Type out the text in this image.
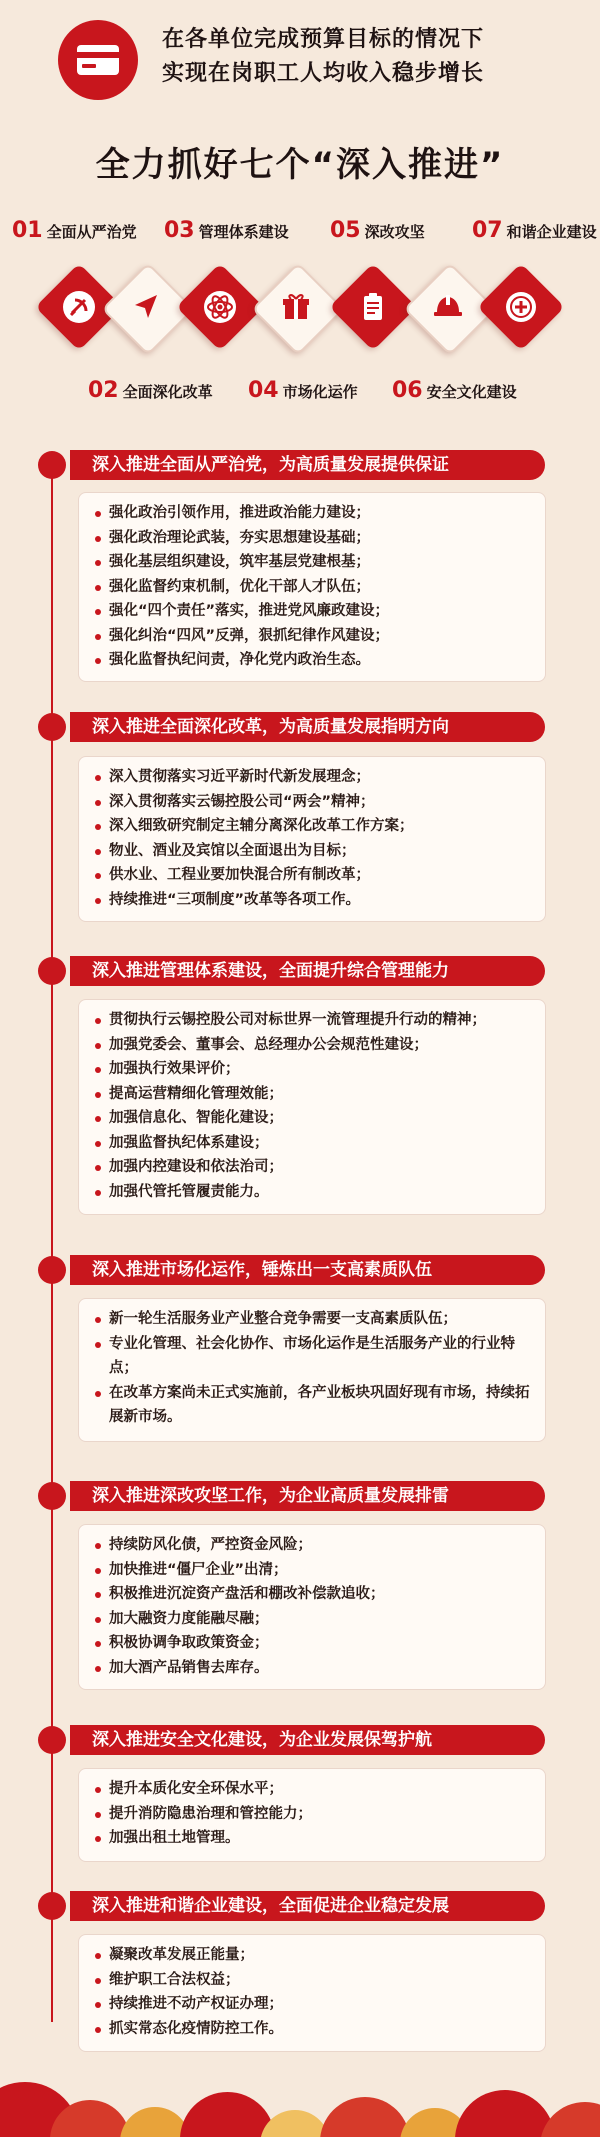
在各单位完成预算目标的情况下
实现在岗职工人均收入稳步增长
全力抓好七个“深入推进”
01 全面从严治党 03 管理体系建设 05 深改攻坚 07 和谐企业建设
02 全面深化改革 04 市场化运作 06 安全文化建设
深入推进全面从严治党，为高质量发展提供保证
强化政治引领作用，推进政治能力建设；
强化政治理论武装，夯实思想建设基础；
强化基层组织建设，筑牢基层党建根基；
强化监督约束机制，优化干部人才队伍；
强化“四个责任”落实，推进党风廉政建设；
强化纠治“四风”反弹，狠抓纪律作风建设；
强化监督执纪问责，净化党内政治生态。
深入推进全面深化改革，为高质量发展指明方向
深入贯彻落实习近平新时代新发展理念；
深入贯彻落实云锡控股公司“两会”精神；
深入细致研究制定主辅分离深化改革工作方案；
物业、酒业及宾馆以全面退出为目标；
供水业、工程业要加快混合所有制改革；
持续推进“三项制度”改革等各项工作。
深入推进管理体系建设，全面提升综合管理能力
贯彻执行云锡控股公司对标世界一流管理提升行动的精神；
加强党委会、董事会、总经理办公会规范性建设；
加强执行效果评价；
提高运营精细化管理效能；
加强信息化、智能化建设；
加强监督执纪体系建设；
加强内控建设和依法治司；
加强代管托管履责能力。
深入推进市场化运作，锤炼出一支高素质队伍
新一轮生活服务业产业整合竞争需要一支高素质队伍；
专业化管理、社会化协作、市场化运作是生活服务产业的行业特点；
在改革方案尚未正式实施前，各产业板块巩固好现有市场，持续拓展新市场。
深入推进深改攻坚工作，为企业高质量发展排雷
持续防风化债，严控资金风险；
加快推进“僵尸企业”出清；
积极推进沉淀资产盘活和棚改补偿款追收；
加大融资力度能融尽融；
积极协调争取政策资金；
加大酒产品销售去库存。
深入推进安全文化建设，为企业发展保驾护航
提升本质化安全环保水平；
提升消防隐患治理和管控能力；
加强出租土地管理。
深入推进和谐企业建设，全面促进企业稳定发展
凝聚改革发展正能量；
维护职工合法权益；
持续推进不动产权证办理；
抓实常态化疫情防控工作。
